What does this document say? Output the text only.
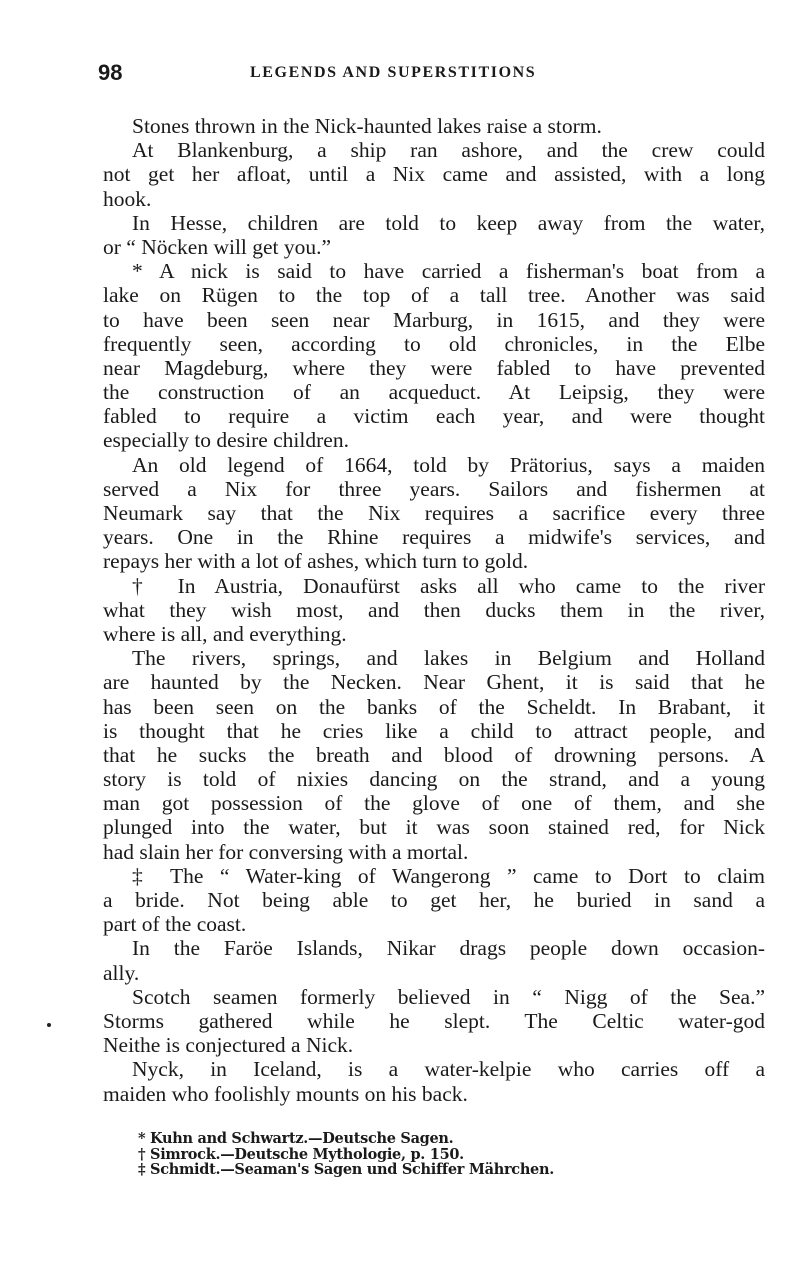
98	LEGENDS AND SUPERSTITIONS
Stones thrown in the Nick-haunted lakes raise a storm.
At Blankenburg, a ship ran ashore, and the crew could
not get her afloat, until a Nix came and assisted, with a long
hook.
In Hesse, children are told to keep away from the water,
or “ Nöcken will get you.”
* A nick is said to have carried a fisherman's boat from a
lake on Rügen to the top of a tall tree. Another was said
to have been seen near Marburg, in 1615, and they were
frequently seen, according to old chronicles, in the Elbe
near Magdeburg, where they were fabled to have prevented
the construction of an acqueduct. At Leipsig, they were
fabled to require a victim each year, and were thought
especially to desire children.
An old legend of 1664, told by Prätorius, says a maiden
served a Nix for three years. Sailors and fishermen at
Neumark say that the Nix requires a sacrifice every three
years. One in the Rhine requires a midwife's services, and
repays her with a lot of ashes, which turn to gold.
† In Austria, Donaufürst asks all who came to the river
what they wish most, and then ducks them in the river,
where is all, and everything.
The rivers, springs, and lakes in Belgium and Holland
are haunted by the Necken. Near Ghent, it is said that he
has been seen on the banks of the Scheldt. In Brabant, it
is thought that he cries like a child to attract people, and
that he sucks the breath and blood of drowning persons. A
story is told of nixies dancing on the strand, and a young
man got possession of the glove of one of them, and she
plunged into the water, but it was soon stained red, for Nick
had slain her for conversing with a mortal.
‡ The “ Water-king of Wangerong ” came to Dort to claim
a bride. Not being able to get her, he buried in sand a
part of the coast.
In the Faröe Islands, Nikar drags people down occasion-
ally.
Scotch seamen formerly believed in “ Nigg of the Sea.”
Storms gathered while he slept. The Celtic water-god
Neithe is conjectured a Nick.
Nyck, in Iceland, is a water-kelpie who carries off a
maiden who foolishly mounts on his back.
* Kuhn and Schwartz.—Deutsche Sagen.
† Simrock.—Deutsche Mythologie, p. 150.
‡ Schmidt.—Seaman's Sagen und Schiffer Mährchen.
